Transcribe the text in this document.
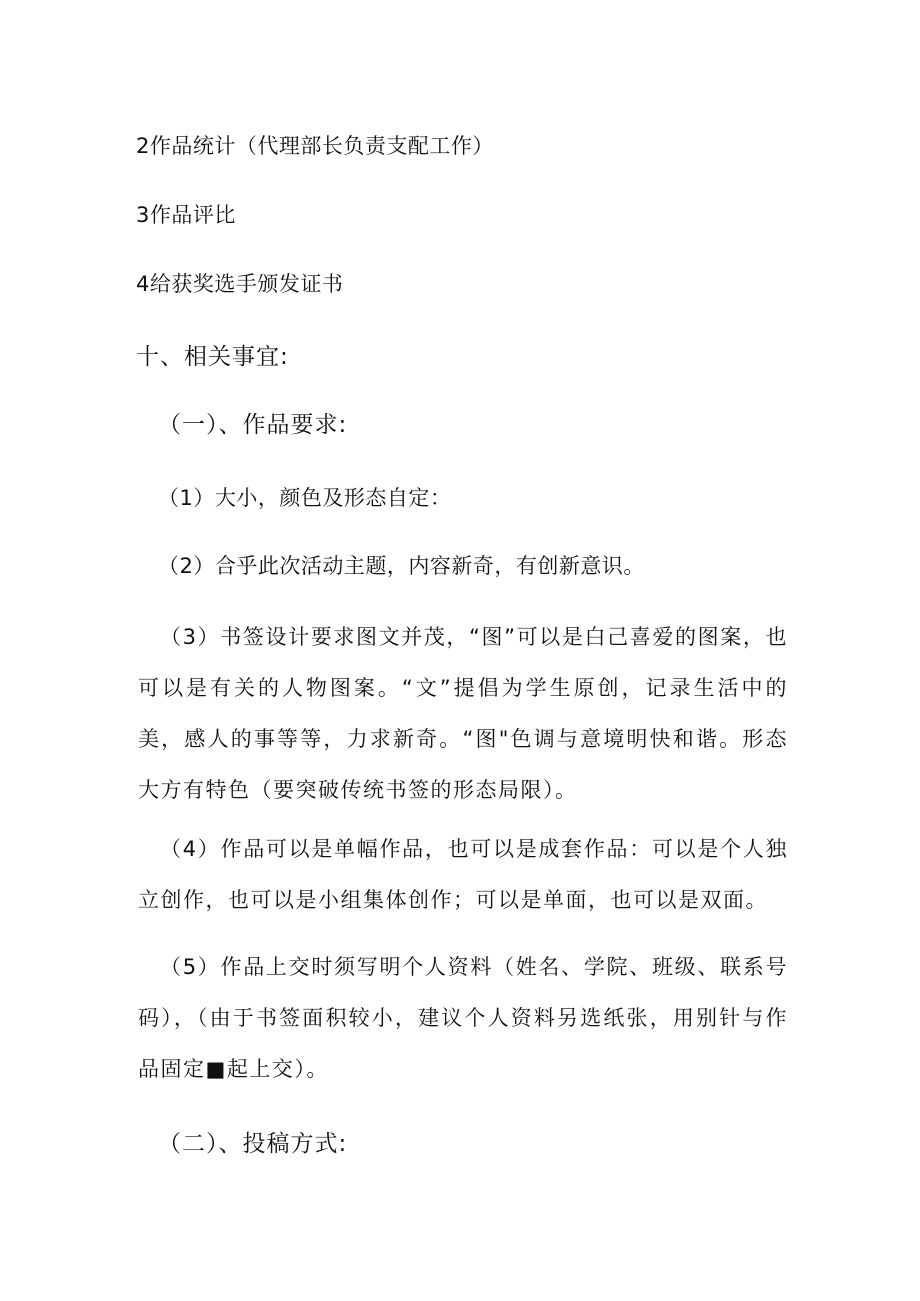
2作品统计（代理部长负责支配工作）
3作品评比
4给获奖选手颁发证书
十、相关事宜:
（一）、作品要求:
（1）大小，颜色及形态自定：
（2）合乎此次活动主题，内容新奇，有创新意识。
（3）书签设计要求图文并茂，“图”可以是白己喜爱的图案，也可以是有关的人物图案。“文”提倡为学生原创，记录生活中的美，感人的事等等，力求新奇。“图"色调与意境明快和谐。形态大方有特色（要突破传统书签的形态局限）。
（4）作品可以是单幅作品，也可以是成套作品：可以是个人独立创作，也可以是小组集体创作；可以是单面，也可以是双面。
（5）作品上交时须写明个人资料（姓名、学院、班级、联系号码），（由于书签面积较小，建议个人资料另选纸张，用别针与作品固定■起上交）。
（二）、投稿方式:
